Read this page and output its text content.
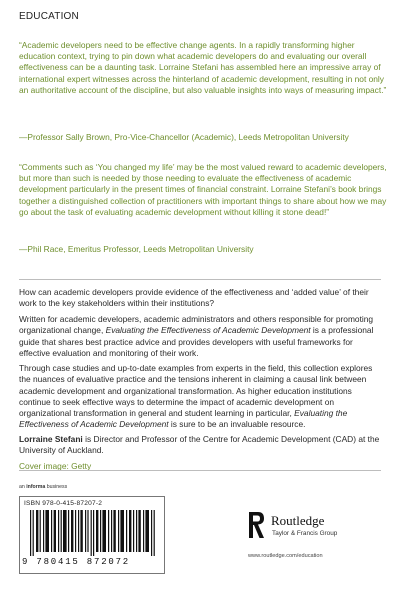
EDUCATION
“Academic developers need to be effective change agents. In a rapidly transforming higher education context, trying to pin down what academic developers do and evaluating our overall effectiveness can be a daunting task. Lorraine Stefani has assembled here an impressive array of international expert witnesses across the hinterland of academic development, resulting in not only an authoritative account of the discipline, but also valuable insights into ways of measuring impact.”
—Professor Sally Brown, Pro-Vice-Chancellor (Academic), Leeds Metropolitan University
“Comments such as ‘You changed my life’ may be the most valued reward to academic developers, but more than such is needed by those needing to evaluate the effectiveness of academic development particularly in the present times of financial constraint. Lorraine Stefani’s book brings together a distinguished collection of practitioners with important things to share about how we may go about the task of evaluating academic development without killing it stone dead!”
—Phil Race, Emeritus Professor, Leeds Metropolitan University

How can academic developers provide evidence of the effectiveness and ‘added value’ of their work to the key stakeholders within their institutions?

Written for academic developers, academic administrators and others responsible for promoting organizational change, Evaluating the Effectiveness of Academic Development is a professional guide that shares best practice advice and provides developers with useful frameworks for effective evaluation and monitoring of their work.

Through case studies and up-to-date examples from experts in the field, this collection explores the nuances of evaluative practice and the tensions inherent in claiming a causal link between academic development and organizational transformation. As higher education institutions continue to seek effective ways to determine the impact of academic development on organizational transformation in general and student learning in particular, Evaluating the Effectiveness of Academic Development is sure to be an invaluable resource.

Lorraine Stefani is Director and Professor of the Centre for Academic Development (CAD) at the University of Auckland.

Cover image: Getty

an informa business
ISBN 978-0-415-87207-2
9 780415 872072
Routledge
Taylor & Francis Group
www.routledge.com/education
